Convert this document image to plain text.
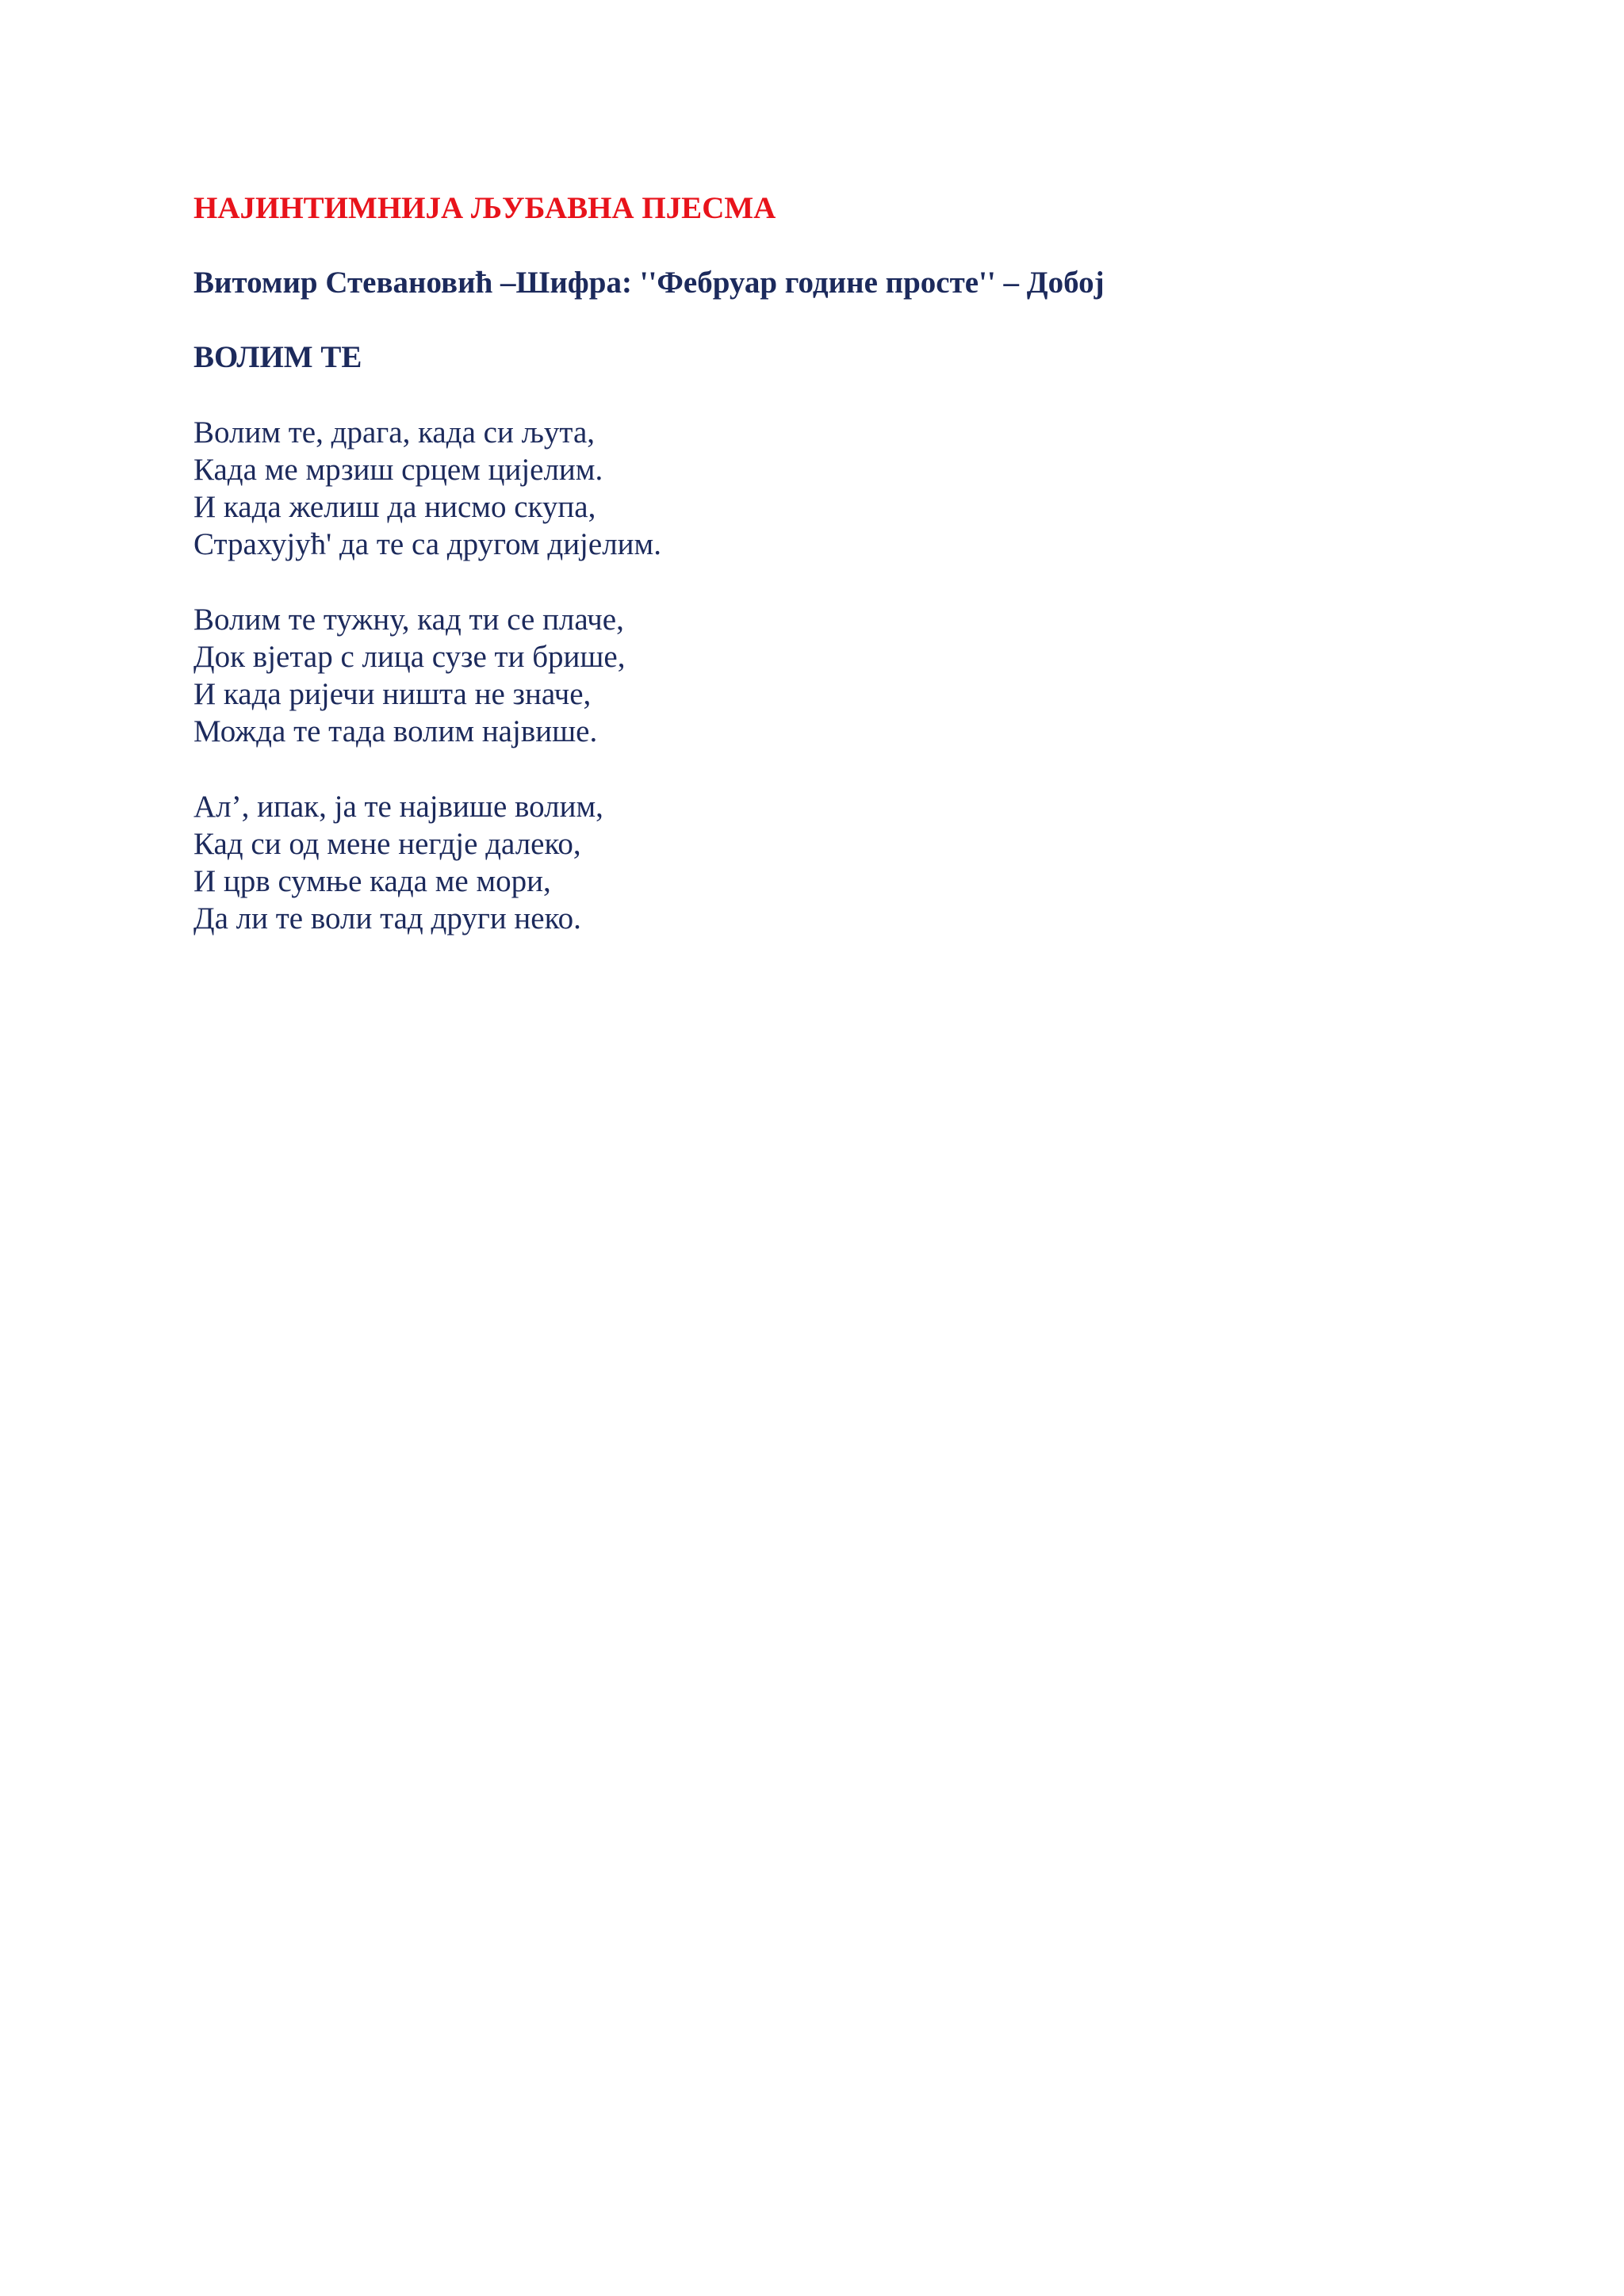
НАЈИНТИМНИЈА ЉУБАВНА ПЈЕСМА
Витомир Стевановић –Шифра: ''Фебруар године просте'' – Добој
ВОЛИМ ТЕ
Волим те, драга, када си љута,
Када ме мрзиш срцем цијелим.
И када желиш да нисмо скупа,
Страхујућ' да те са другом дијелим.
Волим те тужну, кад ти се плаче,
Док вјетар с лица сузе ти брише,
И када ријечи ништа не значе,
Можда те тада волим највише.
Ал’, ипак, ја те највише волим,
Кад си од мене негдје далеко,
И црв сумње када ме мори,
Да ли те воли тад други неко.
